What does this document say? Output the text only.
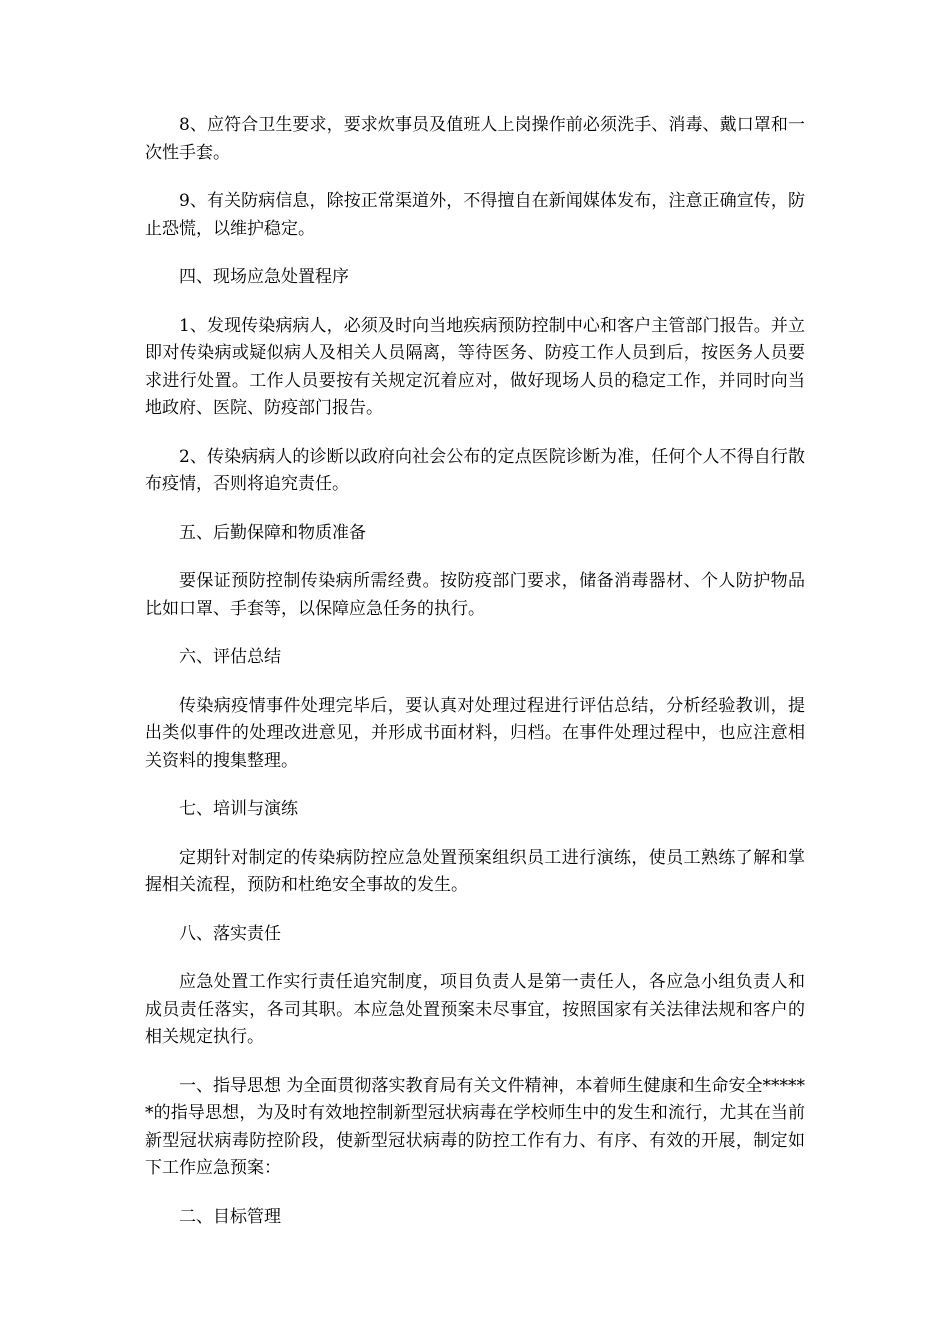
8、应符合卫生要求，要求炊事员及值班人上岗操作前必须洗手、消毒、戴口罩和一次性手套。

9、有关防病信息，除按正常渠道外，不得擅自在新闻媒体发布，注意正确宣传，防止恐慌，以维护稳定。

四、现场应急处置程序

1、发现传染病病人，必须及时向当地疾病预防控制中心和客户主管部门报告。并立即对传染病或疑似病人及相关人员隔离，等待医务、防疫工作人员到后，按医务人员要求进行处置。工作人员要按有关规定沉着应对，做好现场人员的稳定工作，并同时向当地政府、医院、防疫部门报告。

2、传染病病人的诊断以政府向社会公布的定点医院诊断为准，任何个人不得自行散布疫情，否则将追究责任。

五、后勤保障和物质准备

要保证预防控制传染病所需经费。按防疫部门要求，储备消毒器材、个人防护物品比如口罩、手套等，以保障应急任务的执行。

六、评估总结

传染病疫情事件处理完毕后，要认真对处理过程进行评估总结，分析经验教训，提出类似事件的处理改进意见，并形成书面材料，归档。在事件处理过程中，也应注意相关资料的搜集整理。

七、培训与演练

定期针对制定的传染病防控应急处置预案组织员工进行演练，使员工熟练了解和掌握相关流程，预防和杜绝安全事故的发生。

八、落实责任

应急处置工作实行责任追究制度，项目负责人是第一责任人，各应急小组负责人和成员责任落实，各司其职。本应急处置预案未尽事宜，按照国家有关法律法规和客户的相关规定执行。

一、指导思想 为全面贯彻落实教育局有关文件精神，本着师生健康和生命安全******的指导思想，为及时有效地控制新型冠状病毒在学校师生中的发生和流行，尤其在当前新型冠状病毒防控阶段，使新型冠状病毒的防控工作有力、有序、有效的开展，制定如下工作应急预案：

二、目标管理
